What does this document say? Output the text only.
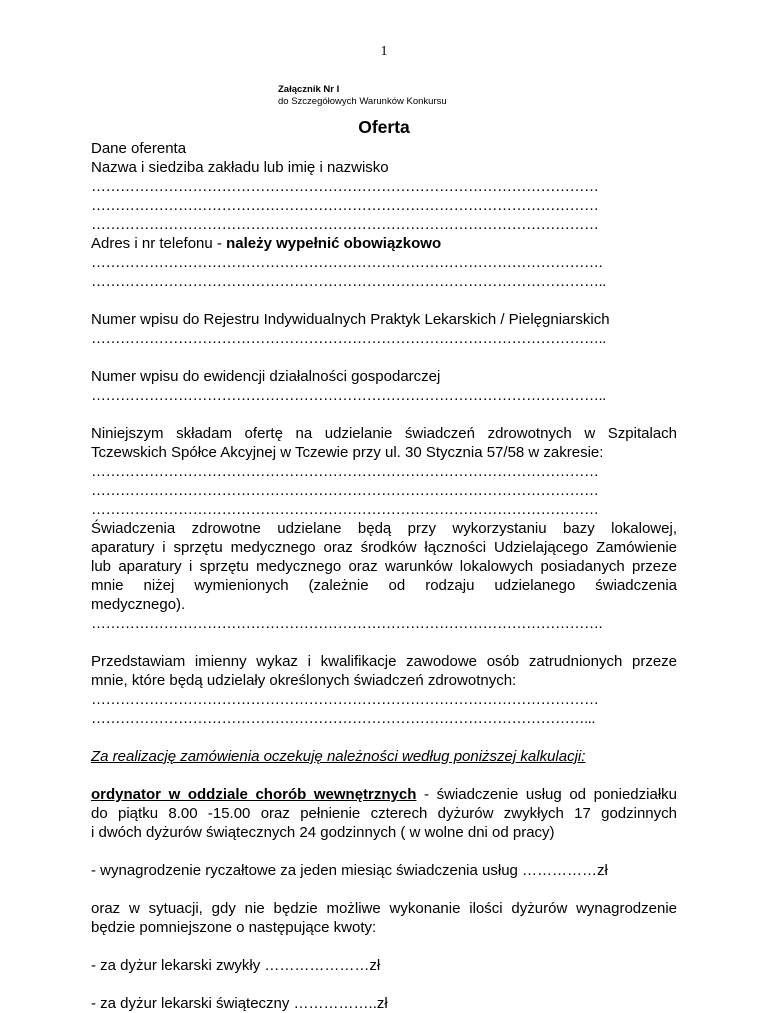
1
Załącznik Nr I
do Szczegółowych Warunków Konkursu
Oferta

Dane oferenta

Nazwa i siedziba zakładu lub imię i nazwisko

……………………………………………………………………………………………

……………………………………………………………………………………………

……………………………………………………………………………………………

Adres i nr telefonu - należy wypełnić obowiązkowo

…………………………………………………………………………………………….

……………………………………………………………………………………………..

Numer wpisu do Rejestru Indywidualnych Praktyk Lekarskich / Pielęgniarskich

……………………………………………………………………………………………..

Numer wpisu do ewidencji działalności gospodarczej

……………………………………………………………………………………………..

Niniejszym składam ofertę na udzielanie świadczeń zdrowotnych w Szpitalach

Tczewskich Spółce Akcyjnej w Tczewie przy ul. 30 Stycznia 57/58 w zakresie:

……………………………………………………………………………………………

……………………………………………………………………………………………

……………………………………………………………………………………………

Świadczenia zdrowotne udzielane będą przy wykorzystaniu bazy lokalowej,

aparatury i sprzętu medycznego oraz środków łączności Udzielającego Zamówienie

lub aparatury i sprzętu medycznego oraz warunków lokalowych posiadanych przeze

mnie niżej wymienionych (zależnie od rodzaju udzielanego świadczenia

medycznego).

…………………………………………………………………………………………….

Przedstawiam imienny wykaz i kwalifikacje zawodowe osób zatrudnionych przeze

mnie, które będą udzielały określonych świadczeń zdrowotnych:

……………………………………………………………………………………………

…………………………………………………………………………………………...

Za realizację zamówienia oczekuję należności według poniższej kalkulacji:

ordynator w oddziale chorób wewnętrznych - świadczenie usług od poniedziałku

do piątku 8.00 -15.00 oraz pełnienie czterech dyżurów zwykłych 17 godzinnych

i dwóch dyżurów świątecznych 24 godzinnych ( w wolne dni od pracy)

- wynagrodzenie ryczałtowe za jeden miesiąc świadczenia usług ……………zł

oraz w sytuacji, gdy nie będzie możliwe wykonanie ilości dyżurów wynagrodzenie

będzie pomniejszone o następujące kwoty:

- za dyżur lekarski zwykły …………………zł

- za dyżur lekarski świąteczny ……………..zł
